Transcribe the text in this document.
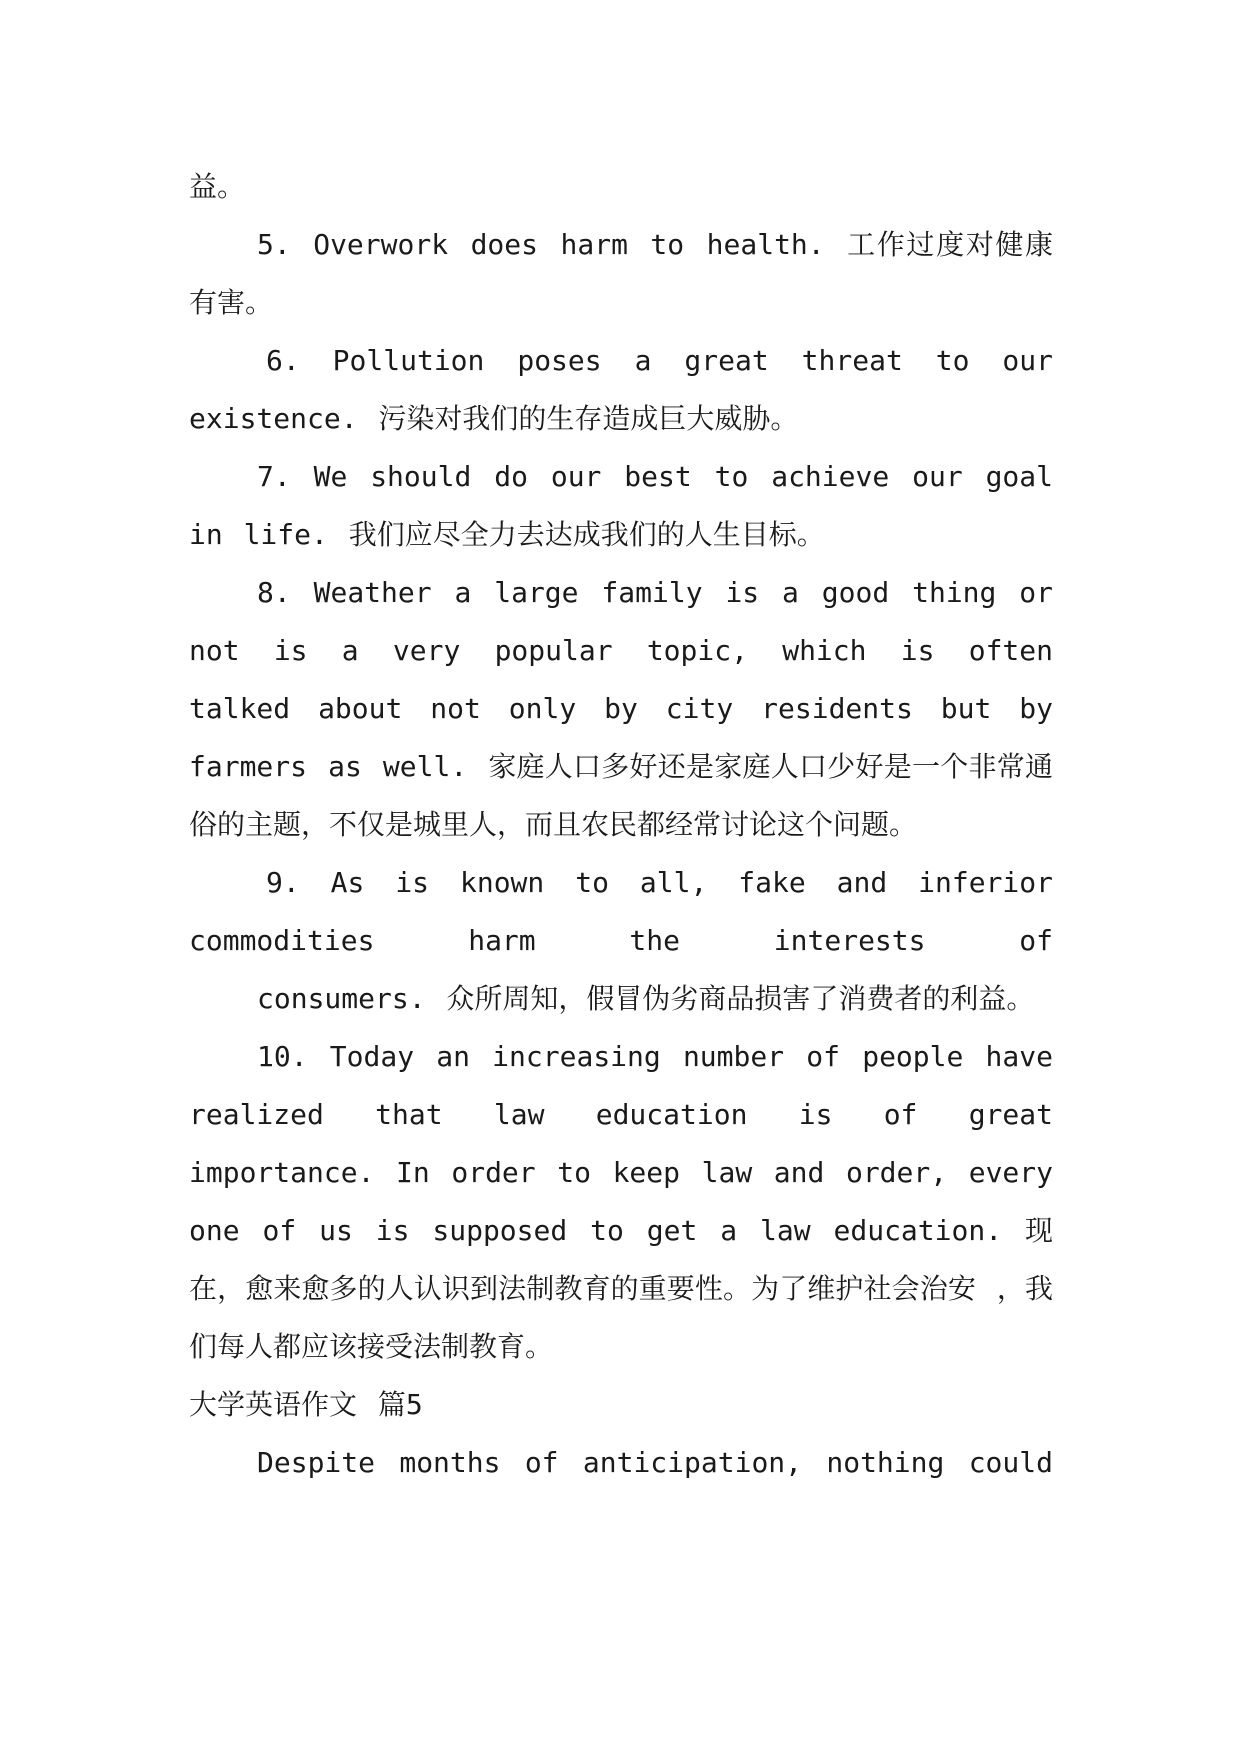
益。

5. Overwork does harm to health. 工作过度对健康有害。

6. Pollution poses a great threat to our existence. 污染对我们的生存造成巨大威胁。

7. We should do our best to achieve our goal in life. 我们应尽全力去达成我们的人生目标。

8. Weather a large family is a good thing or not is a very popular topic, which is often talked about not only by city residents but by farmers as well. 家庭人口多好还是家庭人口少好是一个非常通俗的主题，不仅是城里人，而且农民都经常讨论这个问题。

9. As is known to all, fake and inferior commodities harm the interests of

consumers. 众所周知，假冒伪劣商品损害了消费者的利益。

10. Today an increasing number of people have realized that law education is of great importance. In order to keep law and order, every one of us is supposed to get a law education. 现在，愈来愈多的人认识到法制教育的重要性。为了维护社会治安 ，我们每人都应该接受法制教育。

大学英语作文 篇5

Despite months of anticipation, nothing could
